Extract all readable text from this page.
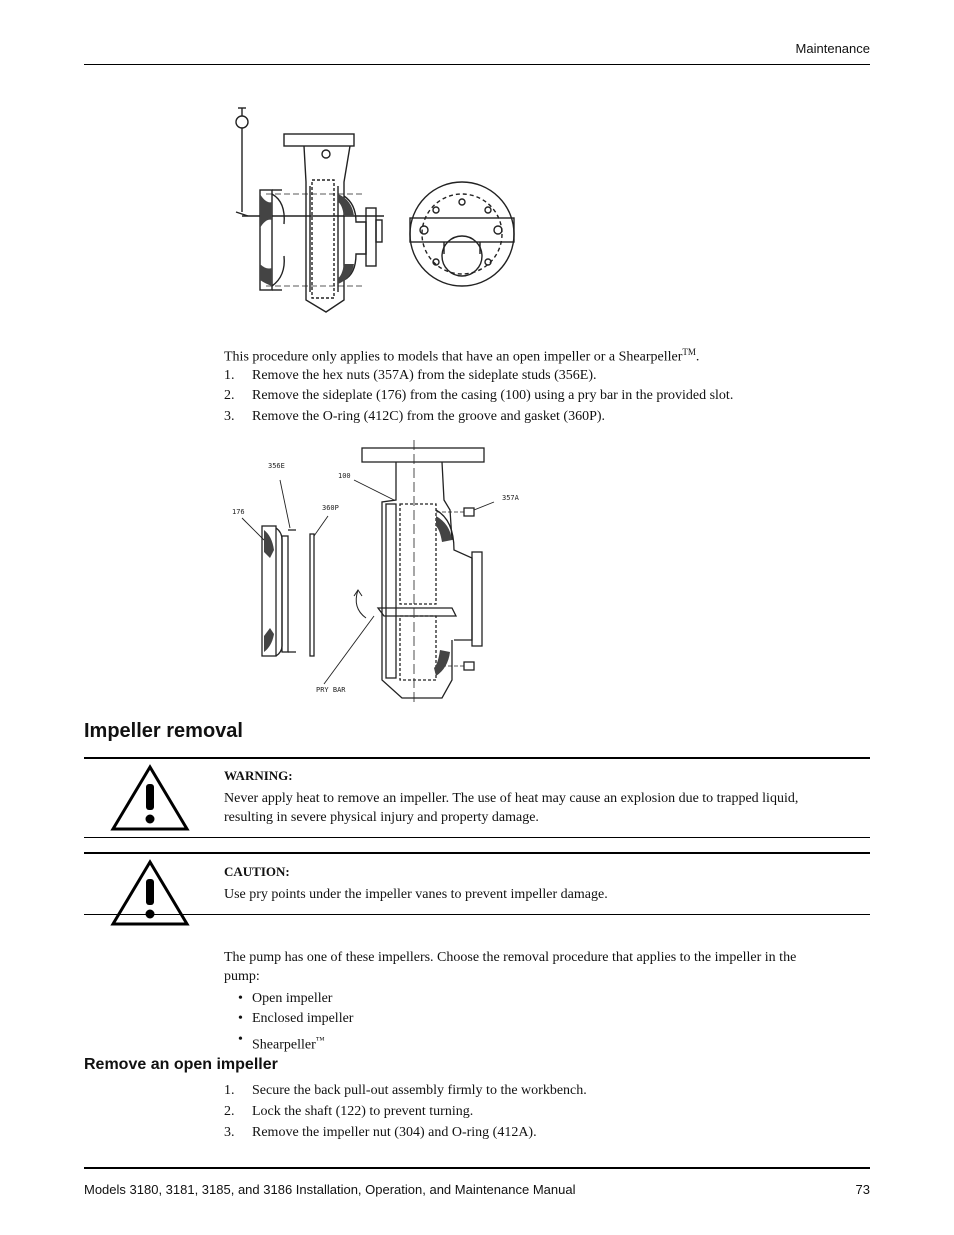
Maintenance
This procedure only applies to models that have an open impeller or a Shearpeller™.
1.	Remove the hex nuts (357A) from the sideplate studs (356E).
2.	Remove the sideplate (176) from the casing (100) using a pry bar in the provided slot.
3.	Remove the O-ring (412C) from the groove and gasket (360P).
356E
100
357A
176	360P
PRY BAR
Impeller removal
WARNING:
Never apply heat to remove an impeller. The use of heat may cause an explosion due to trapped liquid,
resulting in severe physical injury and property damage.
CAUTION:
Use pry points under the impeller vanes to prevent impeller damage.
The pump has one of these impellers. Choose the removal procedure that applies to the impeller in the
pump:
• Open impeller
• Enclosed impeller
• Shearpeller™
Remove an open impeller
1.	Secure the back pull-out assembly firmly to the workbench.
2.	Lock the shaft (122) to prevent turning.
3.	Remove the impeller nut (304) and O-ring (412A).
Models 3180, 3181, 3185, and 3186 Installation, Operation, and Maintenance Manual	73
